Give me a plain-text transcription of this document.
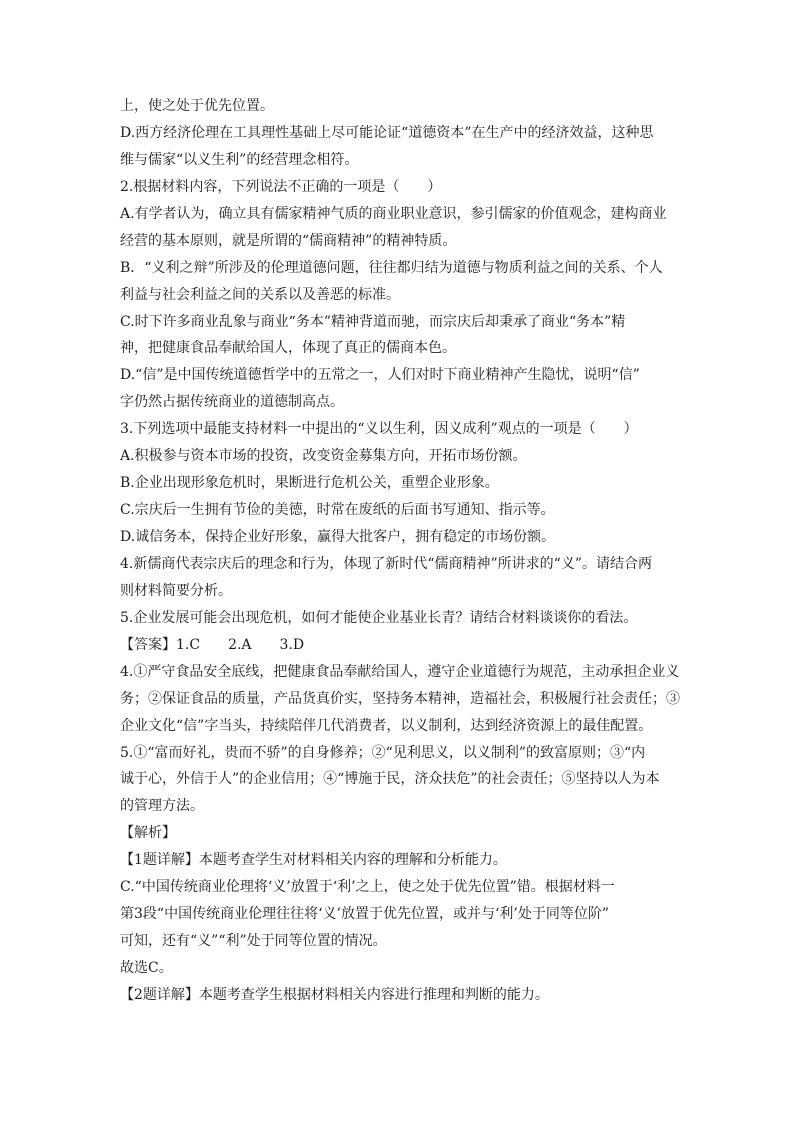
上，使之处于优先位置。
D.西方经济伦理在工具理性基础上尽可能论证“道德资本”在生产中的经济效益，这种思
维与儒家“以义生利”的经营理念相符。
2.根据材料内容，下列说法不正确的一项是（　　）
A.有学者认为，确立具有儒家精神气质的商业职业意识，参引儒家的价值观念，建构商业
经营的基本原则，就是所谓的“儒商精神”的精神特质。
B．“义利之辩”所涉及的伦理道德问题，往往都归结为道德与物质利益之间的关系、个人
利益与社会利益之间的关系以及善恶的标准。
C.时下许多商业乱象与商业“务本”精神背道而驰，而宗庆后却秉承了商业“务本”精
神，把健康食品奉献给国人，体现了真正的儒商本色。
D.“信”是中国传统道德哲学中的五常之一，人们对时下商业精神产生隐忧，说明“信”
字仍然占据传统商业的道德制高点。
3.下列选项中最能支持材料一中提出的“义以生利，因义成利”观点的一项是（　　）
A.积极参与资本市场的投资，改变资金募集方向，开拓市场份额。
B.企业出现形象危机时，果断进行危机公关，重塑企业形象。
C.宗庆后一生拥有节俭的美德，时常在废纸的后面书写通知、指示等。
D.诚信务本，保持企业好形象，赢得大批客户，拥有稳定的市场份额。
4.新儒商代表宗庆后的理念和行为，体现了新时代“儒商精神”所讲求的“义”。请结合两
则材料简要分析。
5.企业发展可能会出现危机，如何才能使企业基业长青？请结合材料谈谈你的看法。
【答案】1.C　　2.A　　3.D
4.①严守食品安全底线，把健康食品奉献给国人，遵守企业道德行为规范，主动承担企业义
务；②保证食品的质量，产品货真价实，坚持务本精神，造福社会，积极履行社会责任；③
企业文化“信”字当头，持续陪伴几代消费者，以义制利，达到经济资源上的最佳配置。
5.①“富而好礼，贵而不骄”的自身修养；②“见利思义，以义制利”的致富原则；③“内
诚于心，外信于人”的企业信用；④“博施于民，济众扶危”的社会责任；⑤坚持以人为本
的管理方法。
【解析】
【1题详解】本题考查学生对材料相关内容的理解和分析能力。
C.“中国传统商业伦理将‘义’放置于‘利’之上，使之处于优先位置”错。根据材料一
第3段“中国传统商业伦理往往将‘义’放置于优先位置，或并与‘利’处于同等位阶”
可知，还有“义”“利”处于同等位置的情况。
故选C。
【2题详解】本题考查学生根据材料相关内容进行推理和判断的能力。
